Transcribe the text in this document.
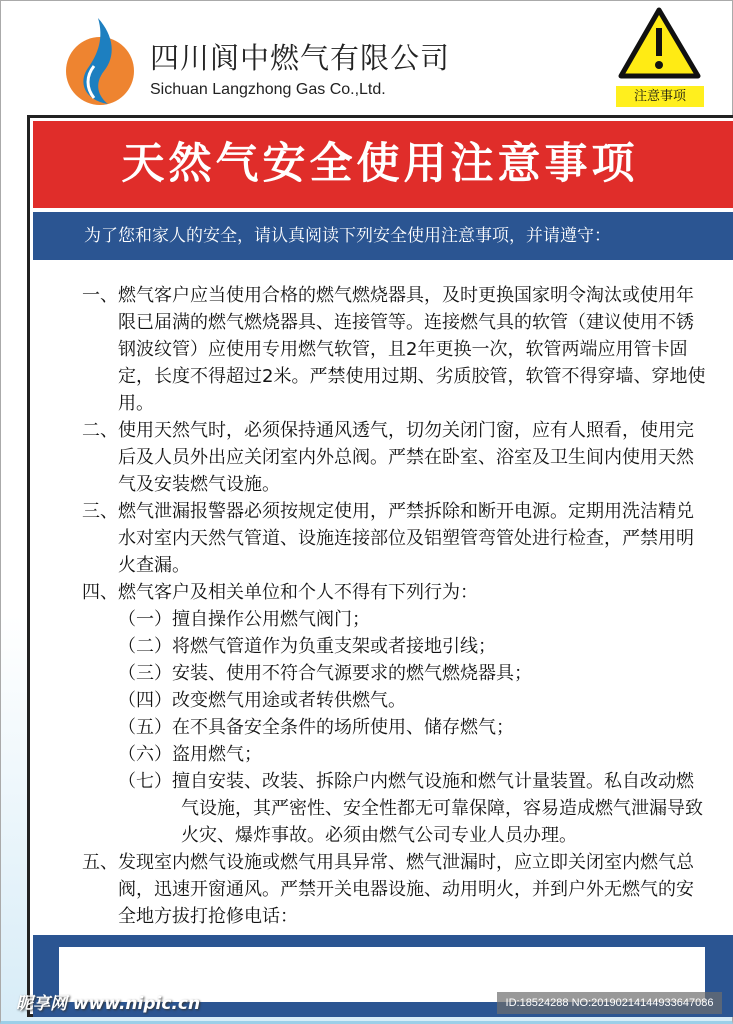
四川阆中燃气有限公司
Sichuan Langzhong Gas Co.,Ltd.	注意事项
天然气安全使用注意事项
为了您和家人的安全，请认真阅读下列安全使用注意事项，并请遵守：
一、燃气客户应当使用合格的燃气燃烧器具，及时更换国家明令淘汰或使用年限已届满的燃气燃烧器具、连接管等。连接燃气具的软管（建议使用不锈钢波纹管）应使用专用燃气软管，且2年更换一次，软管两端应用管卡固定，长度不得超过2米。严禁使用过期、劣质胶管，软管不得穿墙、穿地使用。
二、使用天然气时，必须保持通风透气，切勿关闭门窗，应有人照看，使用完后及人员外出应关闭室内外总阀。严禁在卧室、浴室及卫生间内使用天然气及安装燃气设施。
三、燃气泄漏报警器必须按规定使用，严禁拆除和断开电源。定期用洗洁精兑水对室内天然气管道、设施连接部位及铝塑管弯管处进行检查，严禁用明火查漏。
四、燃气客户及相关单位和个人不得有下列行为：
（一）擅自操作公用燃气阀门；
（二）将燃气管道作为负重支架或者接地引线；
（三）安装、使用不符合气源要求的燃气燃烧器具；
（四）改变燃气用途或者转供燃气。
（五）在不具备安全条件的场所使用、储存燃气；
（六）盗用燃气；
（七）擅自安装、改装、拆除户内燃气设施和燃气计量装置。私自改动燃气设施，其严密性、安全性都无可靠保障，容易造成燃气泄漏导致火灾、爆炸事故。必须由燃气公司专业人员办理。
五、发现室内燃气设施或燃气用具异常、燃气泄漏时，应立即关闭室内燃气总阀，迅速开窗通风。严禁开关电器设施、动用明火，并到户外无燃气的安全地方拔打抢修电话：
昵享网 www.nipic.cn	ID:18524288 NO:20190214144933647086
